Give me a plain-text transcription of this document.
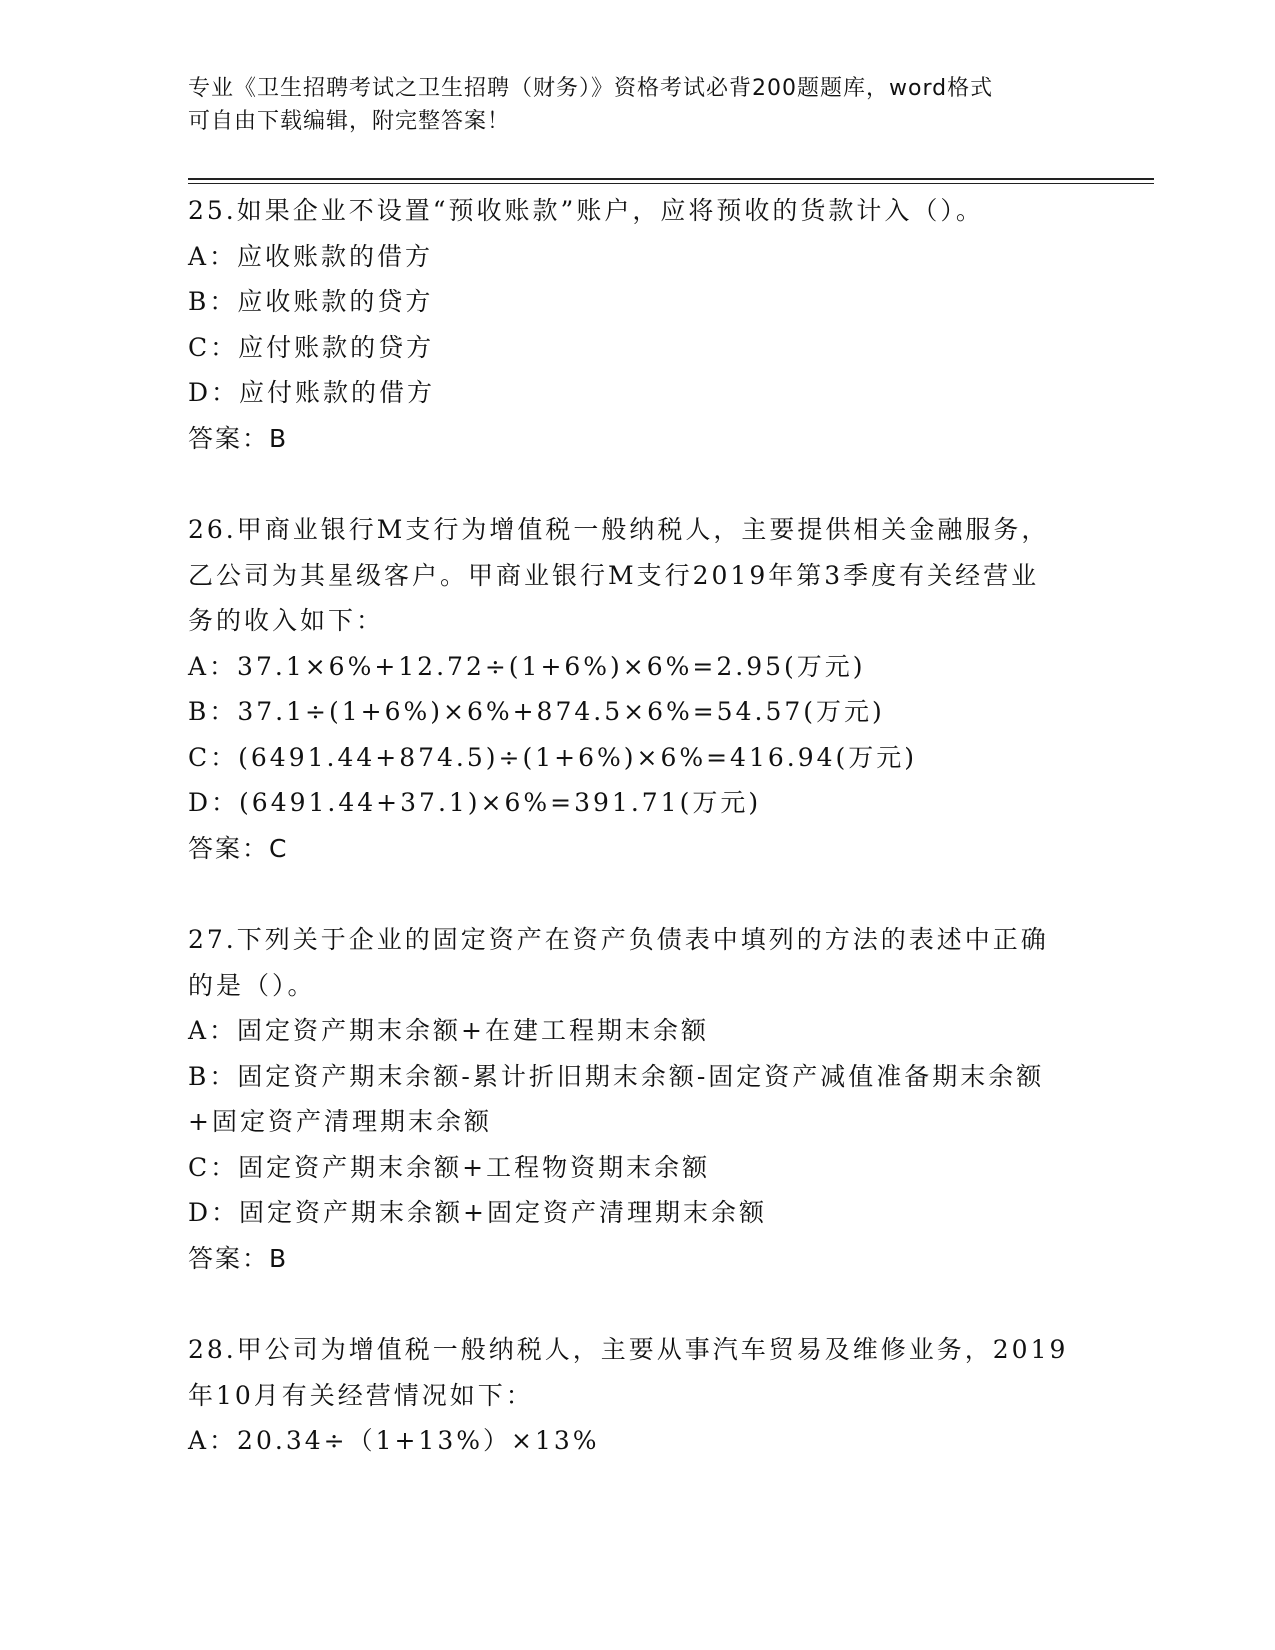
专业《卫生招聘考试之卫生招聘（财务）》资格考试必背200题题库，word格式

可自由下载编辑，附完整答案！

25.如果企业不设置“预收账款”账户，应将预收的货款计入（）。
A：应收账款的借方
B：应收账款的贷方
C：应付账款的贷方
D：应付账款的借方
答案：B
26.甲商业银行M支行为增值税一般纳税人，主要提供相关金融服务，
乙公司为其星级客户。甲商业银行M支行2019年第3季度有关经营业
务的收入如下：
A：37.1×6%+12.72÷(1+6%)×6%=2.95(万元)
B：37.1÷(1+6%)×6%+874.5×6%=54.57(万元)
C：(6491.44+874.5)÷(1+6%)×6%=416.94(万元)
D：(6491.44+37.1)×6%=391.71(万元)
答案：C
27.下列关于企业的固定资产在资产负债表中填列的方法的表述中正确
的是（）。
A：固定资产期末余额+在建工程期末余额
B：固定资产期末余额-累计折旧期末余额-固定资产减值准备期末余额
+固定资产清理期末余额
C：固定资产期末余额+工程物资期末余额
D：固定资产期末余额+固定资产清理期末余额
答案：B
28.甲公司为增值税一般纳税人，主要从事汽车贸易及维修业务，2019
年10月有关经营情况如下：
A：20.34÷（1+13%）×13%
